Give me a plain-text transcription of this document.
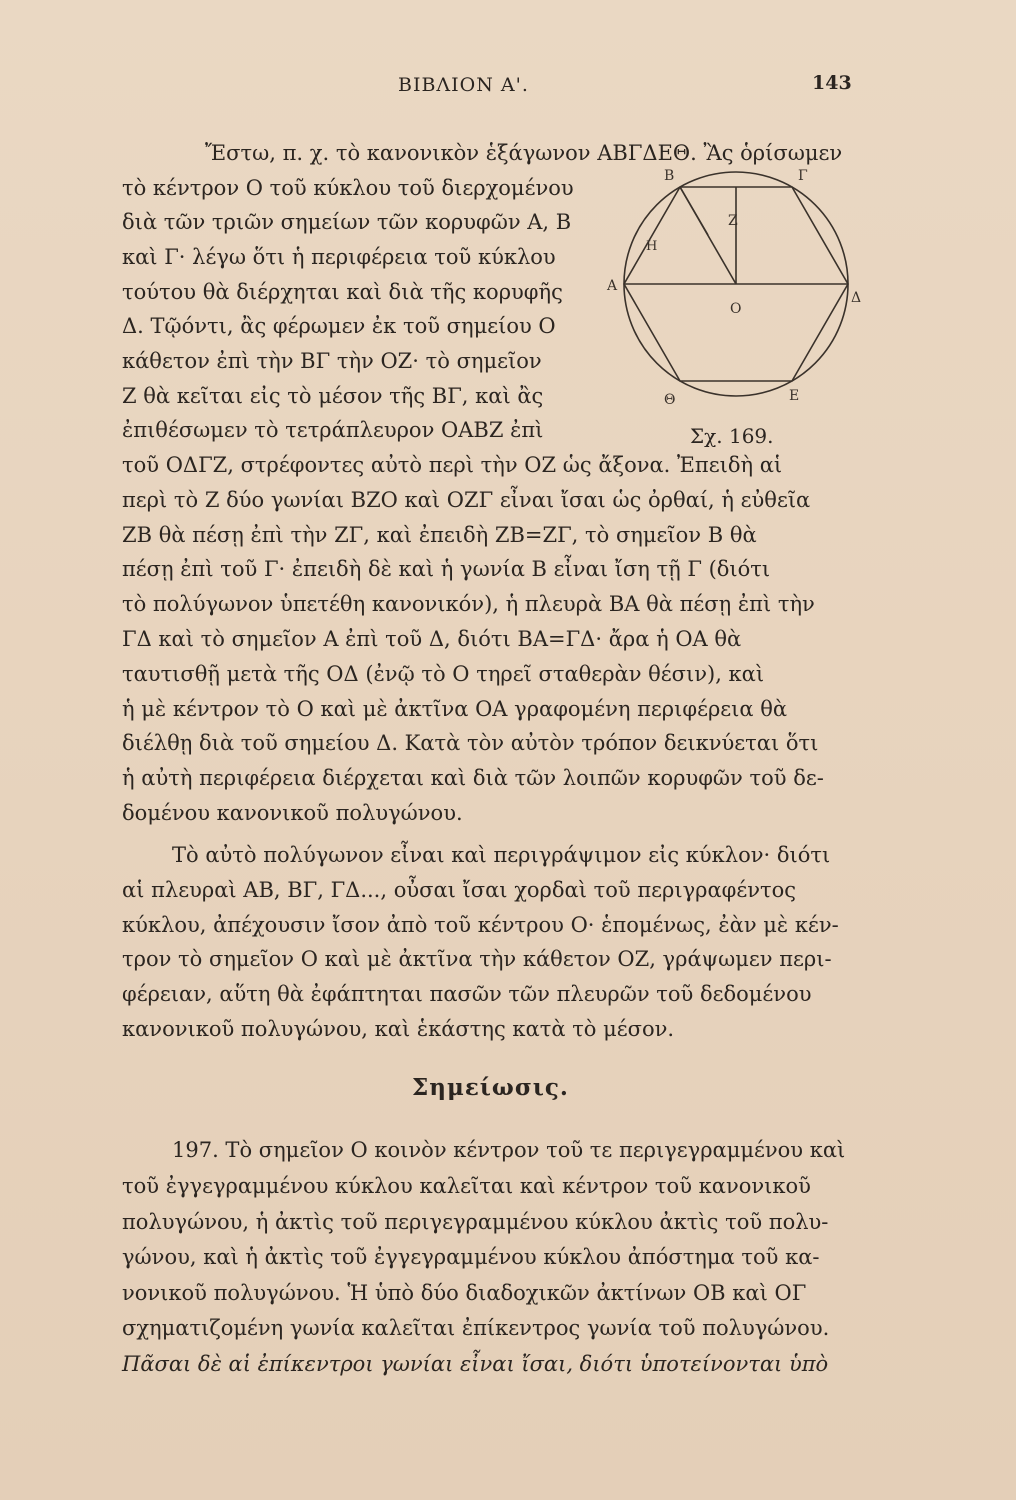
ΒΙΒΛΙΟΝ Α'.	143
Ἔστω, π. χ. τὸ κανονικὸν ἑξάγωνον ΑΒΓΔΕΘ. Ἂς ὁρίσωμεν
τὸ κέντρον Ο τοῦ κύκλου τοῦ διερχομένου
διὰ τῶν τριῶν σημείων τῶν κορυφῶν Α, Β
καὶ Γ· λέγω ὅτι ἡ περιφέρεια τοῦ κύκλου
τούτου θὰ διέρχηται καὶ διὰ τῆς κορυφῆς
Δ. Τῷόντι, ἂς φέρωμεν ἐκ τοῦ σημείου Ο
κάθετον ἐπὶ τὴν ΒΓ τὴν ΟΖ· τὸ σημεῖον
Ζ θὰ κεῖται εἰς τὸ μέσον τῆς ΒΓ, καὶ ἂς
ἐπιθέσωμεν τὸ τετράπλευρον ΟΑΒΖ ἐπὶ
τοῦ ΟΔΓΖ, στρέφοντες αὐτὸ περὶ τὴν ΟΖ ὡς ἄξονα. Ἐπειδὴ αἱ
περὶ τὸ Ζ δύο γωνίαι ΒΖΟ καὶ ΟΖΓ εἶναι ἴσαι ὡς ὀρθαί, ἡ εὐθεῖα
ΖΒ θὰ πέσῃ ἐπὶ τὴν ΖΓ, καὶ ἐπειδὴ ΖΒ=ΖΓ, τὸ σημεῖον Β θὰ
πέσῃ ἐπὶ τοῦ Γ· ἐπειδὴ δὲ καὶ ἡ γωνία Β εἶναι ἴση τῇ Γ (διότι
τὸ πολύγωνον ὑπετέθη κανονικόν), ἡ πλευρὰ ΒΑ θὰ πέσῃ ἐπὶ τὴν
ΓΔ καὶ τὸ σημεῖον Α ἐπὶ τοῦ Δ, διότι ΒΑ=ΓΔ· ἄρα ἡ ΟΑ θὰ
ταυτισθῇ μετὰ τῆς ΟΔ (ἐνῷ τὸ Ο τηρεῖ σταθερὰν θέσιν), καὶ
ἡ μὲ κέντρον τὸ Ο καὶ μὲ ἀκτῖνα ΟΑ γραφομένη περιφέρεια θὰ
διέλθῃ διὰ τοῦ σημείου Δ. Κατὰ τὸν αὐτὸν τρόπον δεικνύεται ὅτι
ἡ αὐτὴ περιφέρεια διέρχεται καὶ διὰ τῶν λοιπῶν κορυφῶν τοῦ δε-
δομένου κανονικοῦ πολυγώνου.
Τὸ αὐτὸ πολύγωνον εἶναι καὶ περιγράψιμον εἰς κύκλον· διότι
αἱ πλευραὶ ΑΒ, ΒΓ, ΓΔ..., οὖσαι ἴσαι χορδαὶ τοῦ περιγραφέντος
κύκλου, ἀπέχουσιν ἴσον ἀπὸ τοῦ κέντρου Ο· ἑπομένως, ἐὰν μὲ κέν-
τρον τὸ σημεῖον Ο καὶ μὲ ἀκτῖνα τὴν κάθετον ΟΖ, γράψωμεν περι-
φέρειαν, αὕτη θὰ ἐφάπτηται πασῶν τῶν πλευρῶν τοῦ δεδομένου
κανονικοῦ πολυγώνου, καὶ ἑκάστης κατὰ τὸ μέσον.
Β	Γ
Ζ
Η
Α
Ο
Δ
Θ	Ε
Σχ. 169.
Σημείωσις.
197. Τὸ σημεῖον Ο κοινὸν κέντρον τοῦ τε περιγεγραμμένου καὶ
τοῦ ἐγγεγραμμένου κύκλου καλεῖται καὶ κέντρον τοῦ κανονικοῦ
πολυγώνου, ἡ ἀκτὶς τοῦ περιγεγραμμένου κύκλου ἀκτὶς τοῦ πολυ-
γώνου, καὶ ἡ ἀκτὶς τοῦ ἐγγεγραμμένου κύκλου ἀπόστημα τοῦ κα-
νονικοῦ πολυγώνου. Ἡ ὑπὸ δύο διαδοχικῶν ἀκτίνων ΟΒ καὶ ΟΓ
σχηματιζομένη γωνία καλεῖται ἐπίκεντρος γωνία τοῦ πολυγώνου.
Πᾶσαι δὲ αἱ ἐπίκεντροι γωνίαι εἶναι ἴσαι, διότι ὑποτείνονται ὑπὸ
